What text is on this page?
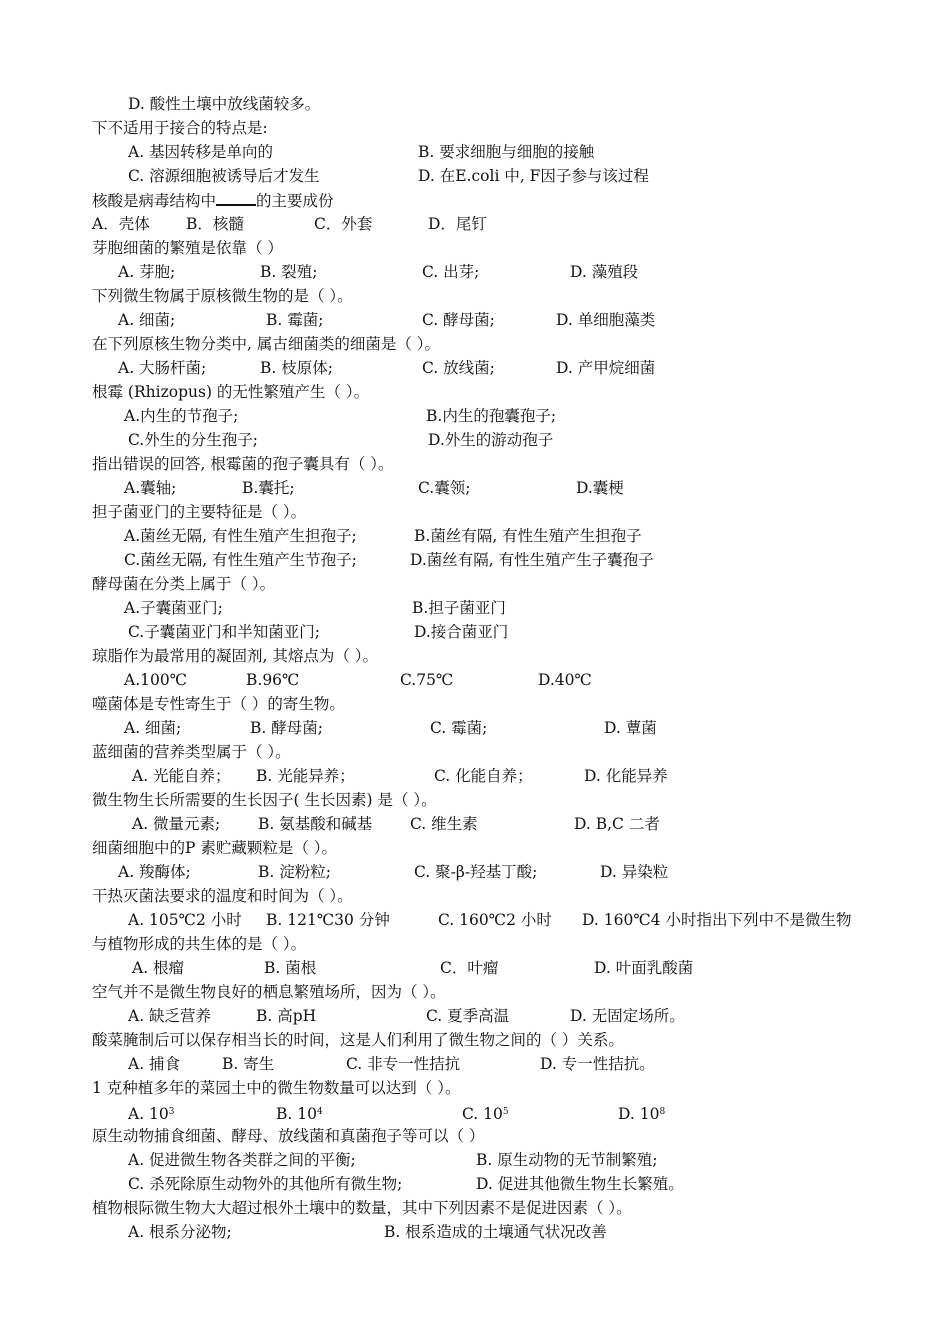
D. 酸性土壤中放线菌较多。
下不适用于接合的特点是:
A. 基因转移是单向的	B. 要求细胞与细胞的接触
C. 溶源细胞被诱导后才发生	D. 在E.coli 中, F因子参与该过程
核酸是病毒结构中	的主要成份
A．壳体 B．核髓	C．外套	D．尾钉
芽胞细菌的繁殖是依靠（ ）
A. 芽胞;	B. 裂殖;	C. 出芽;	D. 藻殖段
下列微生物属于原核微生物的是（ ）。
A. 细菌;	B. 霉菌;	C. 酵母菌;	D. 单细胞藻类
在下列原核生物分类中, 属古细菌类的细菌是（ ）。
A. 大肠杆菌;	B. 枝原体;	C. 放线菌;	D. 产甲烷细菌
根霉 (Rhizopus) 的无性繁殖产生（ ）。
A.内生的节孢子;	B.内生的孢囊孢子;
C.外生的分生孢子;	D.外生的游动孢子
指出错误的回答, 根霉菌的孢子囊具有（ ）。
A.囊轴;	B.囊托;	C.囊领;	D.囊梗
担子菌亚门的主要特征是（ ）。
A.菌丝无隔, 有性生殖产生担孢子;	B.菌丝有隔, 有性生殖产生担孢子
C.菌丝无隔, 有性生殖产生节孢子;	D.菌丝有隔, 有性生殖产生子囊孢子
酵母菌在分类上属于（ ）。
A.子囊菌亚门;	B.担子菌亚门
C.子囊菌亚门和半知菌亚门;	D.接合菌亚门
琼脂作为最常用的凝固剂, 其熔点为（ ）。
A.100℃	B.96℃	C.75℃	D.40℃
噬菌体是专性寄生于（ ）的寄生物。
A. 细菌;	B. 酵母菌;	C. 霉菌;	D. 蕈菌
蓝细菌的营养类型属于（ ）。
A. 光能自养； B. 光能异养；	C. 化能自养；	D. 化能异养
微生物生长所需要的生长因子( 生长因素) 是（ ）。
A. 微量元素; B. 氨基酸和碱基 C. 维生素	D. B,C 二者
细菌细胞中的P 素贮藏颗粒是（ ）。
A. 羧酶体;	B. 淀粉粒;	C. 聚-β-羟基丁酸;	D. 异染粒
干热灭菌法要求的温度和时间为（ ）。
A. 105℃2 小时 B. 121℃30 分钟	C. 160℃2 小时 D. 160℃4 小时指出下列中不是微生物
与植物形成的共生体的是（ ）。
A. 根瘤	B. 菌根	C．叶瘤	D. 叶面乳酸菌
空气并不是微生物良好的栖息繁殖场所，因为（ ）。
A. 缺乏营养	B. 高pH	C. 夏季高温	D. 无固定场所。
酸菜腌制后可以保存相当长的时间，这是人们利用了微生物之间的（ ）关系。
A. 捕食	B. 寄生	C. 非专一性拮抗	D. 专一性拮抗。
1 克种植多年的菜园土中的微生物数量可以达到（ ）。
A. $10^3$	B. $10^4$	C. $10^5$	D. $10^8$
原生动物捕食细菌、酵母、放线菌和真菌孢子等可以（ ）
A. 促进微生物各类群之间的平衡;	B. 原生动物的无节制繁殖;
C. 杀死除原生动物外的其他所有微生物;	D. 促进其他微生物生长繁殖。
植物根际微生物大大超过根外土壤中的数量，其中下列因素不是促进因素（ ）。
A. 根系分泌物;	B. 根系造成的土壤通气状况改善
